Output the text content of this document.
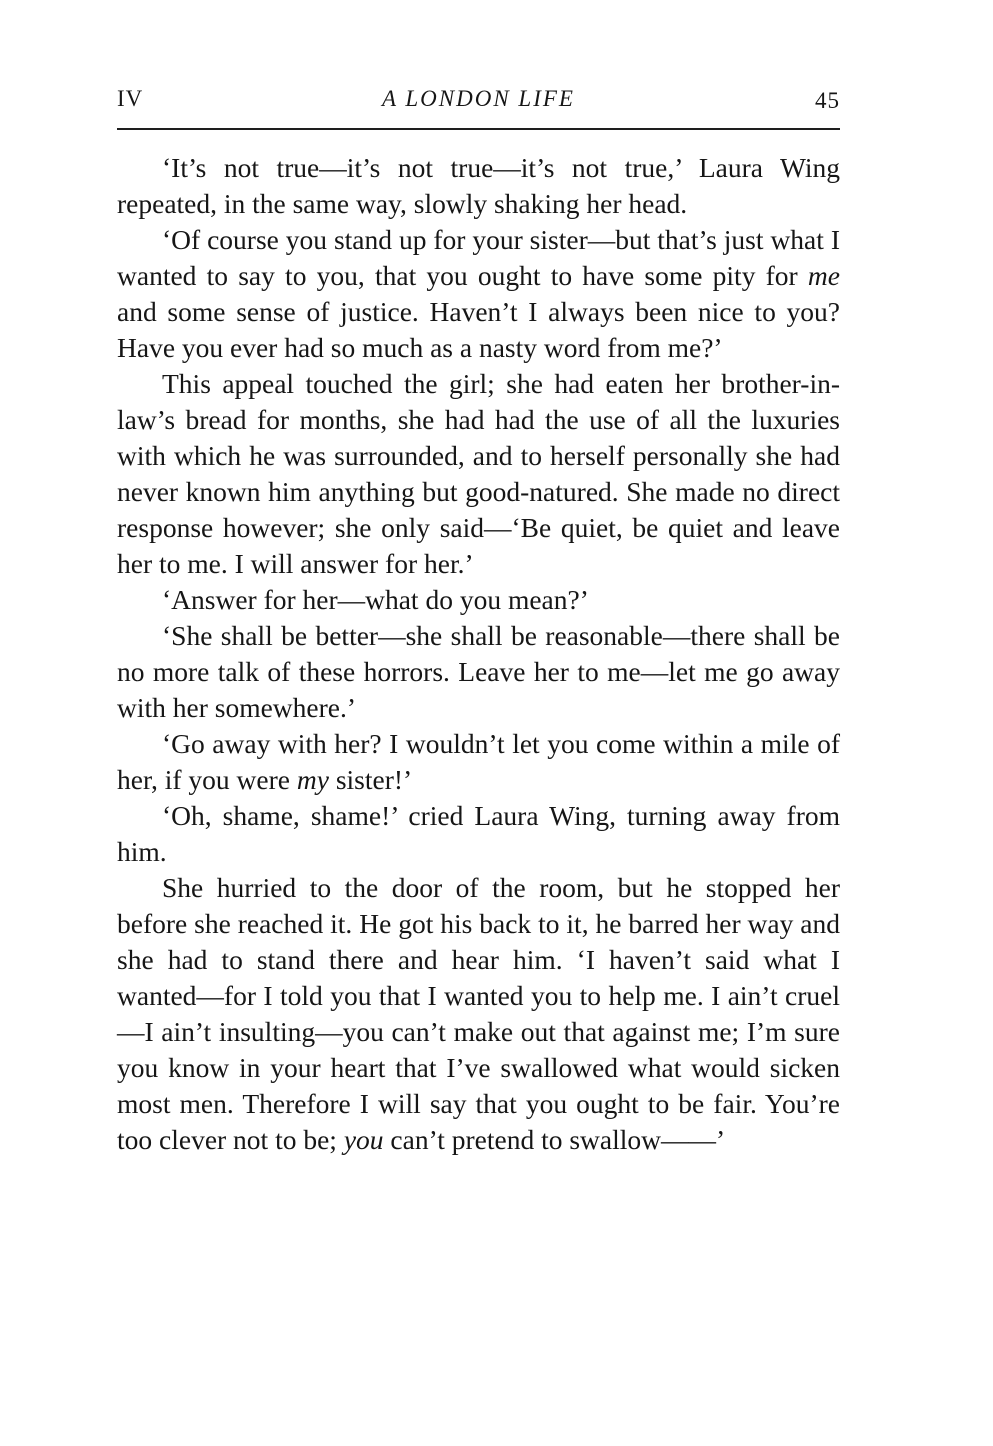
IV	A LONDON LIFE	45

‘It’s not true—it’s not true—it’s not true,’ Laura Wing repeated, in the same way, slowly shaking her head.

‘Of course you stand up for your sister—but that’s just what I wanted to say to you, that you ought to have some pity for me and some sense of justice. Haven’t I always been nice to you? Have you ever had so much as a nasty word from me?’

This appeal touched the girl; she had eaten her brother-in-law’s bread for months, she had had the use of all the luxuries with which he was surrounded, and to herself personally she had never known him anything but good-natured. She made no direct response however; she only said—‘Be quiet, be quiet and leave her to me. I will answer for her.’

‘Answer for her—what do you mean?’

‘She shall be better—she shall be reasonable—there shall be no more talk of these horrors. Leave her to me—let me go away with her somewhere.’

‘Go away with her? I wouldn’t let you come within a mile of her, if you were my sister!’

‘Oh, shame, shame!’ cried Laura Wing, turning away from him.

She hurried to the door of the room, but he stopped her before she reached it. He got his back to it, he barred her way and she had to stand there and hear him. ‘I haven’t said what I wanted—for I told you that I wanted you to help me. I ain’t cruel—I ain’t insulting—you can’t make out that against me; I’m sure you know in your heart that I’ve swallowed what would sicken most men. Therefore I will say that you ought to be fair. You’re too clever not to be; you can’t pretend to swallow——’
